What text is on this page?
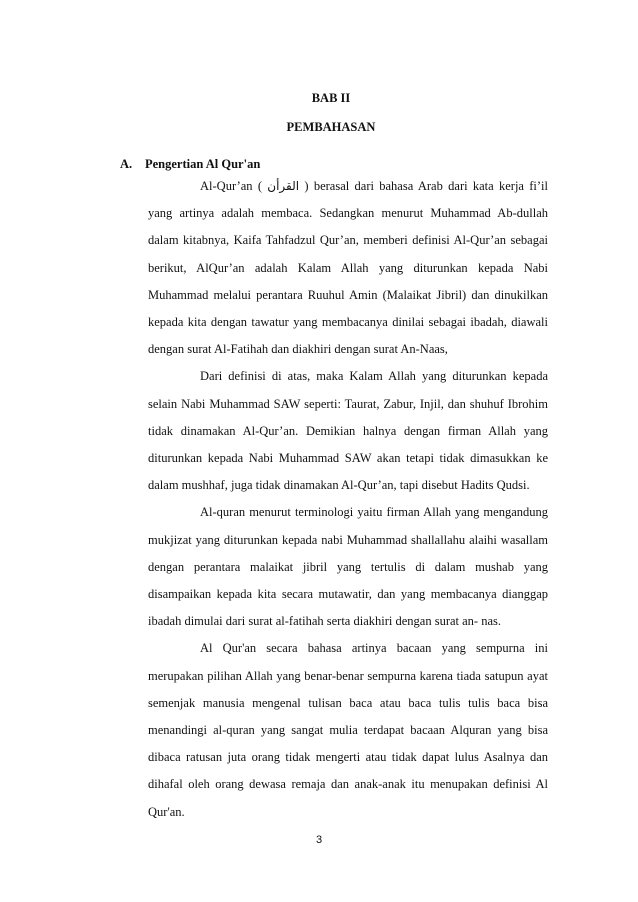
BAB II
PEMBAHASAN
A. Pengertian Al Qur'an

Al-Qur’an ( القرأن ) berasal dari bahasa Arab dari kata kerja fi’il yang artinya adalah membaca. Sedangkan menurut Muhammad Ab-dullah dalam kitabnya, Kaifa Tahfadzul Qur’an, memberi definisi Al-Qur’an sebagai berikut, AlQur’an adalah Kalam Allah yang diturunkan kepada Nabi Muhammad melalui perantara Ruuhul Amin (Malaikat Jibril) dan dinukilkan kepada kita dengan tawatur yang membacanya dinilai sebagai ibadah, diawali dengan surat Al-Fatihah dan diakhiri dengan surat An-Naas,

Dari definisi di atas, maka Kalam Allah yang diturunkan kepada selain Nabi Muhammad SAW seperti: Taurat, Zabur, Injil, dan shuhuf Ibrohim tidak dinamakan Al-Qur’an. Demikian halnya dengan firman Allah yang diturunkan kepada Nabi Muhammad SAW akan tetapi tidak dimasukkan ke dalam mushhaf, juga tidak dinamakan Al-Qur’an, tapi disebut Hadits Qudsi.

Al-quran menurut terminologi yaitu firman Allah yang mengandung mukjizat yang diturunkan kepada nabi Muhammad shallallahu alaihi wasallam dengan perantara malaikat jibril yang tertulis di dalam mushab yang disampaikan kepada kita secara mutawatir, dan yang membacanya dianggap ibadah dimulai dari surat al-fatihah serta diakhiri dengan surat an- nas.

Al Qur'an secara bahasa artinya bacaan yang sempurna ini merupakan pilihan Allah yang benar-benar sempurna karena tiada satupun ayat semenjak manusia mengenal tulisan baca atau baca tulis tulis baca bisa menandingi al-quran yang sangat mulia terdapat bacaan Alquran yang bisa dibaca ratusan juta orang tidak mengerti atau tidak dapat lulus Asalnya dan dihafal oleh orang dewasa remaja dan anak-anak itu menupakan definisi Al Qur'an.

3
